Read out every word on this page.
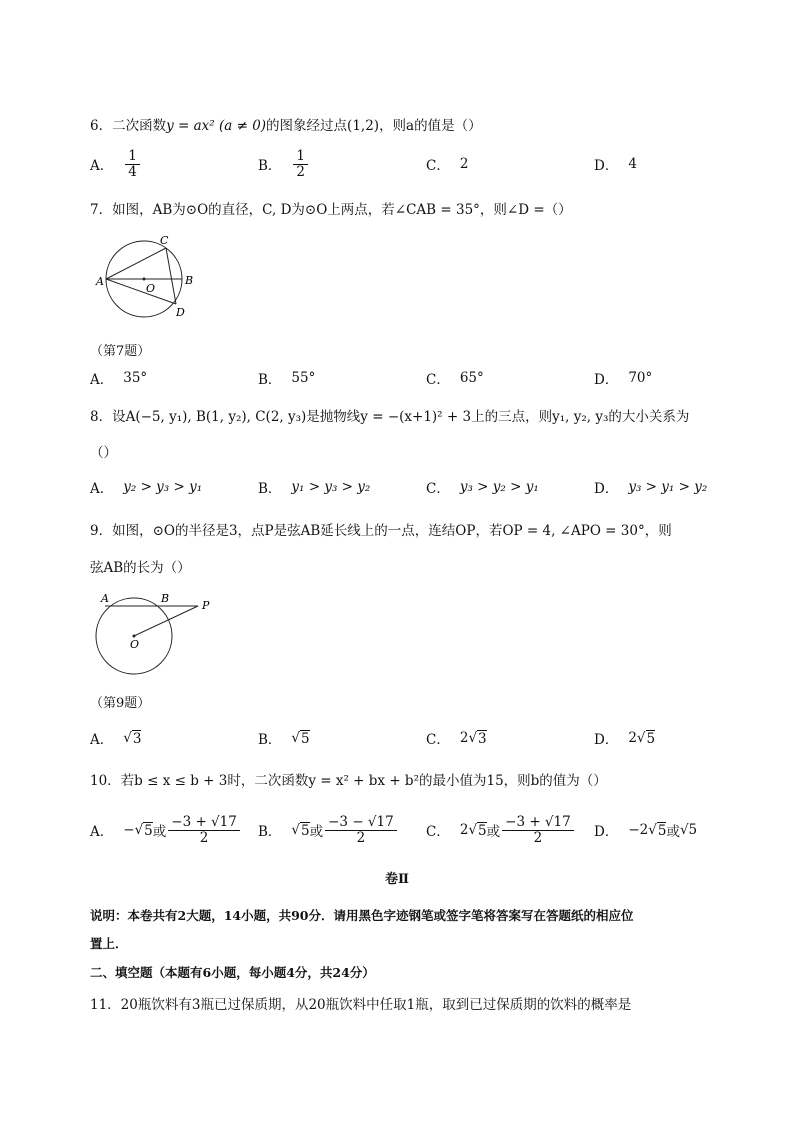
6．二次函数y = ax² (a ≠ 0)的图象经过点(1,2)，则a的值是（）
A． $\frac{1}{4}$	B． $\frac{1}{2}$	C． 2	D． 4
7．如图，AB为⊙O的直径，C, D为⊙O上两点，若∠CAB = 35°，则∠D =（）
A	B
C
D
O
（第7题）
A． 35°	B． 55°	C． 65°	D． 70°
8．设A(−5, y₁), B(1, y₂), C(2, y₃)是抛物线y = −(x+1)² + 3上的三点，则y₁, y₂, y₃的大小关系为
（）
A． y₂ > y₃ > y₁	B． y₁ > y₃ > y₂	C． y₃ > y₂ > y₁	D． y₃ > y₁ > y₂
9．如图，⊙O的半径是3，点P是弦AB延长线上的一点，连结OP，若OP = 4, ∠APO = 30°，则
弦AB的长为（）
A	B
P
O
（第9题）
A． √ 3	B． √ 5	C． 2 √ 3	D． 2 √ 5
10．若b ≤ x ≤ b + 3时，二次函数y = x² + bx + b²的最小值为15，则b的值为（）
A． − √ 5 或 $\frac{-3 + √17}{2}$ B． √ 5 或 $\frac{-3 - √17}{2}$ C． 2 √ 5 或 $\frac{-3 + √17}{2}$ D． −2 √ 5 或 √5
卷Ⅱ
说明：本卷共有2大题，14小题，共90分．请用黑色字迹钢笔或签字笔将答案写在答题纸的相应位
置上．
二、填空题（本题有6小题，每小题4分，共24分）
11．20瓶饮料有3瓶已过保质期，从20瓶饮料中任取1瓶，取到已过保质期的饮料的概率是
